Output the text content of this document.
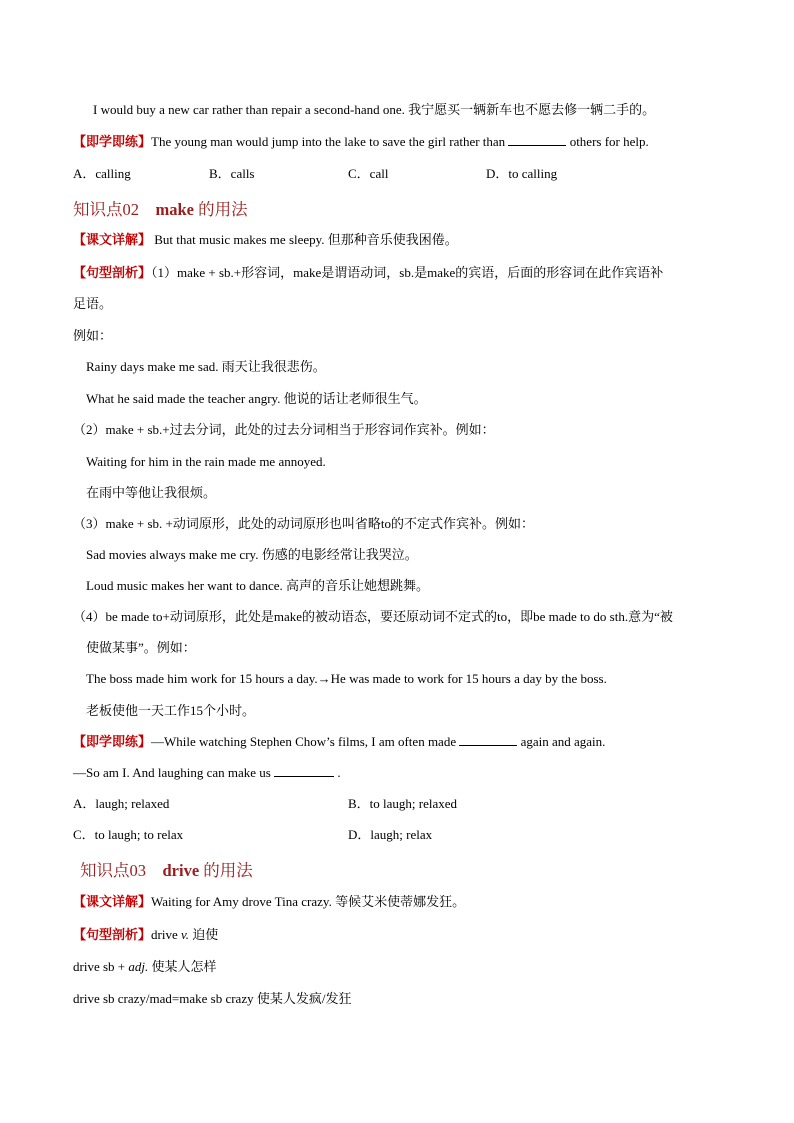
I would buy a new car rather than repair a second-hand one. 我宁愿买一辆新车也不愿去修一辆二手的。
【即学即练】The young man would jump into the lake to save the girl rather than	others for help.
A．calling	B．calls	C．call	D．to calling
知识点02 make 的用法
【课文详解】 But that music makes me sleepy. 但那种音乐使我困倦。
【句型剖析】（1）make + sb.+形容词，make是谓语动词，sb.是make的宾语，后面的形容词在此作宾语补
足语。
例如：
Rainy days make me sad. 雨天让我很悲伤。
What he said made the teacher angry. 他说的话让老师很生气。
（2）make + sb.+过去分词，此处的过去分词相当于形容词作宾补。例如：
Waiting for him in the rain made me annoyed.
在雨中等他让我很烦。
（3）make + sb. +动词原形，此处的动词原形也叫省略to的不定式作宾补。例如：
Sad movies always make me cry. 伤感的电影经常让我哭泣。
Loud music makes her want to dance. 高声的音乐让她想跳舞。
（4）be made to+动词原形，此处是make的被动语态，要还原动词不定式的to，即be made to do sth.意为“被
使做某事”。例如：
The boss made him work for 15 hours a day.→He was made to work for 15 hours a day by the boss.
老板使他一天工作15个小时。
【即学即练】—While watching Stephen Chow’s films, I am often made	again and again.
—So am I. And laughing can make us	.
A．laugh; relaxed	B．to laugh; relaxed
C．to laugh; to relax	D．laugh; relax
知识点03 drive 的用法
【课文详解】Waiting for Amy drove Tina crazy. 等候艾米使蒂娜发狂。
【句型剖析】drive v. 迫使
drive sb + adj. 使某人怎样
drive sb crazy/mad=make sb crazy 使某人发疯/发狂
